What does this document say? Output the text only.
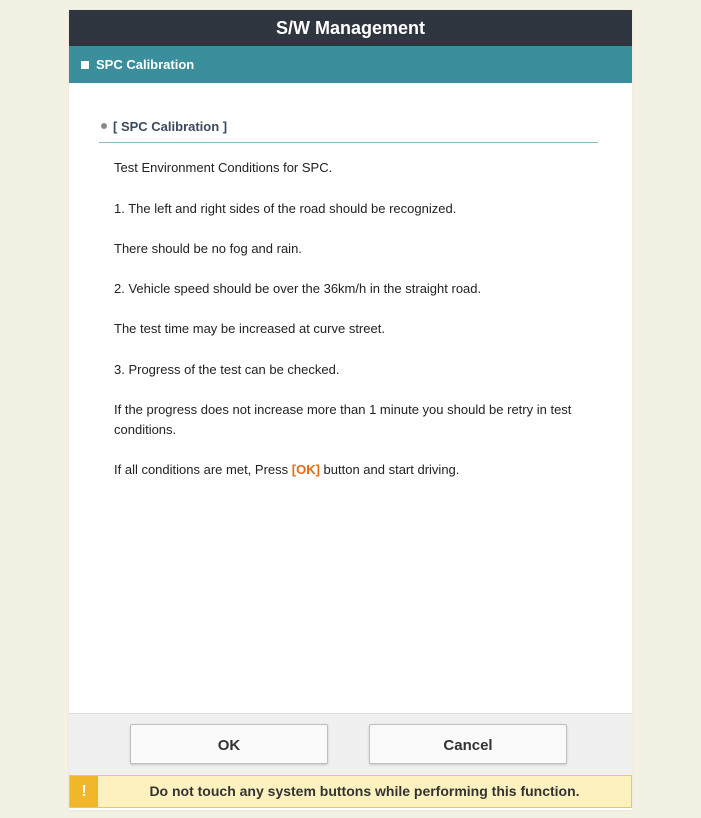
S/W Management
SPC Calibration
[ SPC Calibration ]
Test Environment Conditions for SPC.
1. The left and right sides of the road should be recognized.
There should be no fog and rain.
2. Vehicle speed should be over the 36km/h in the straight road.
The test time may be increased at curve street.
3. Progress of the test can be checked.
If the progress does not increase more than 1 minute you should be retry in test conditions.
If all conditions are met, Press [OK] button and start driving.
OK	Cancel
!	Do not touch any system buttons while performing this function.
